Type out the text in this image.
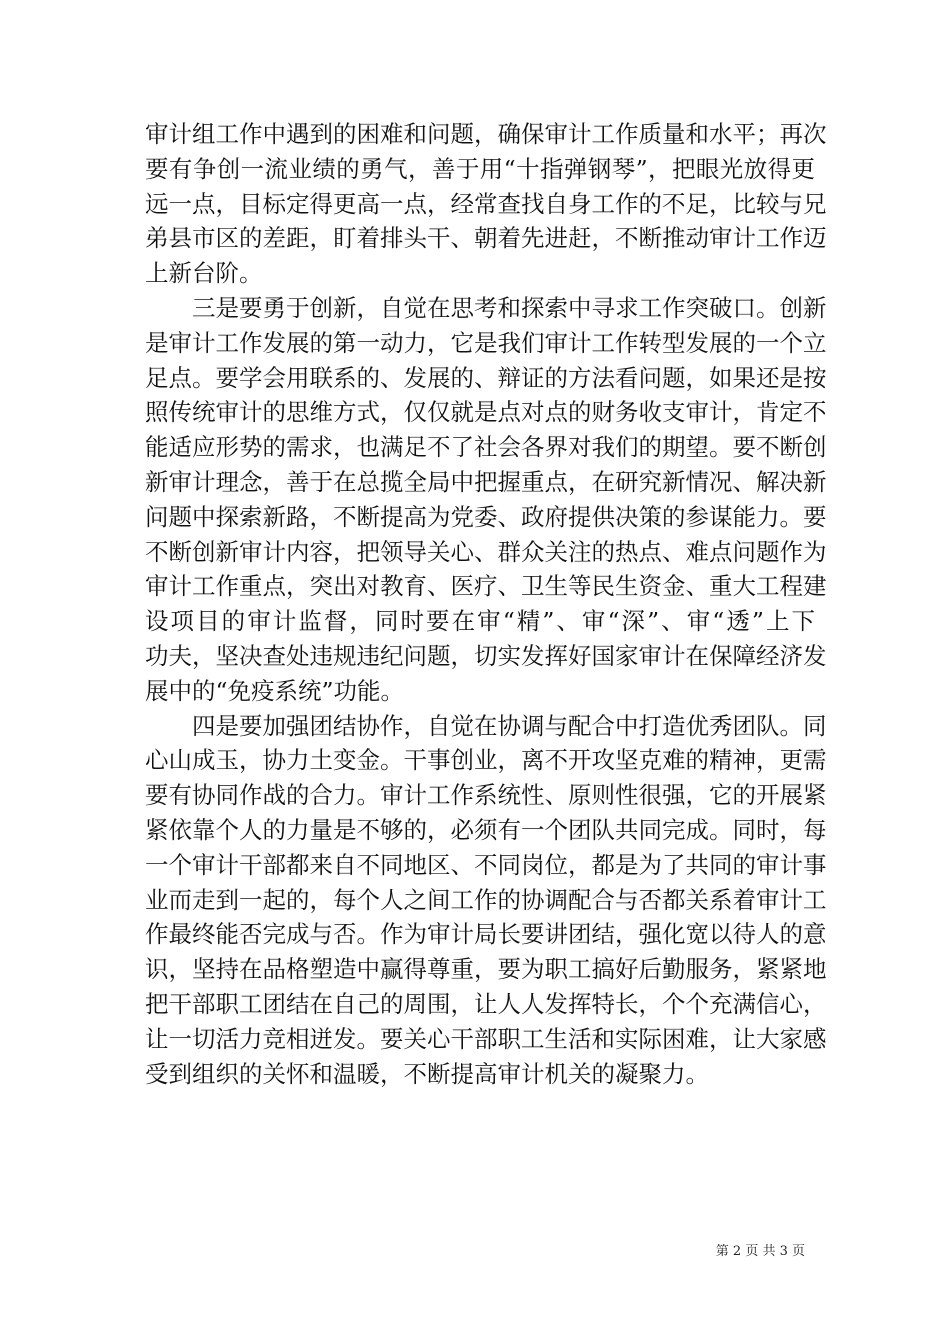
审计组工作中遇到的困难和问题，确保审计工作质量和水平；再次
要有争创一流业绩的勇气，善于用“十指弹钢琴”，把眼光放得更
远一点，目标定得更高一点，经常查找自身工作的不足，比较与兄
弟县市区的差距，盯着排头干、朝着先进赶，不断推动审计工作迈
上新台阶。
三是要勇于创新，自觉在思考和探索中寻求工作突破口。创新
是审计工作发展的第一动力，它是我们审计工作转型发展的一个立
足点。要学会用联系的、发展的、辩证的方法看问题，如果还是按
照传统审计的思维方式，仅仅就是点对点的财务收支审计，肯定不
能适应形势的需求，也满足不了社会各界对我们的期望。要不断创
新审计理念，善于在总揽全局中把握重点，在研究新情况、解决新
问题中探索新路，不断提高为党委、政府提供决策的参谋能力。要
不断创新审计内容，把领导关心、群众关注的热点、难点问题作为
审计工作重点，突出对教育、医疗、卫生等民生资金、重大工程建
设项目的审计监督，同时要在审“精”、审“深”、审“透”上下
功夫，坚决查处违规违纪问题，切实发挥好国家审计在保障经济发
展中的“免疫系统”功能。
四是要加强团结协作，自觉在协调与配合中打造优秀团队。同
心山成玉，协力土变金。干事创业，离不开攻坚克难的精神，更需
要有协同作战的合力。审计工作系统性、原则性很强，它的开展紧
紧依靠个人的力量是不够的，必须有一个团队共同完成。同时，每
一个审计干部都来自不同地区、不同岗位，都是为了共同的审计事
业而走到一起的，每个人之间工作的协调配合与否都关系着审计工
作最终能否完成与否。作为审计局长要讲团结，强化宽以待人的意
识，坚持在品格塑造中赢得尊重，要为职工搞好后勤服务，紧紧地
把干部职工团结在自己的周围，让人人发挥特长，个个充满信心，
让一切活力竞相迸发。要关心干部职工生活和实际困难，让大家感
受到组织的关怀和温暖，不断提高审计机关的凝聚力。
第 2 页 共 3 页
